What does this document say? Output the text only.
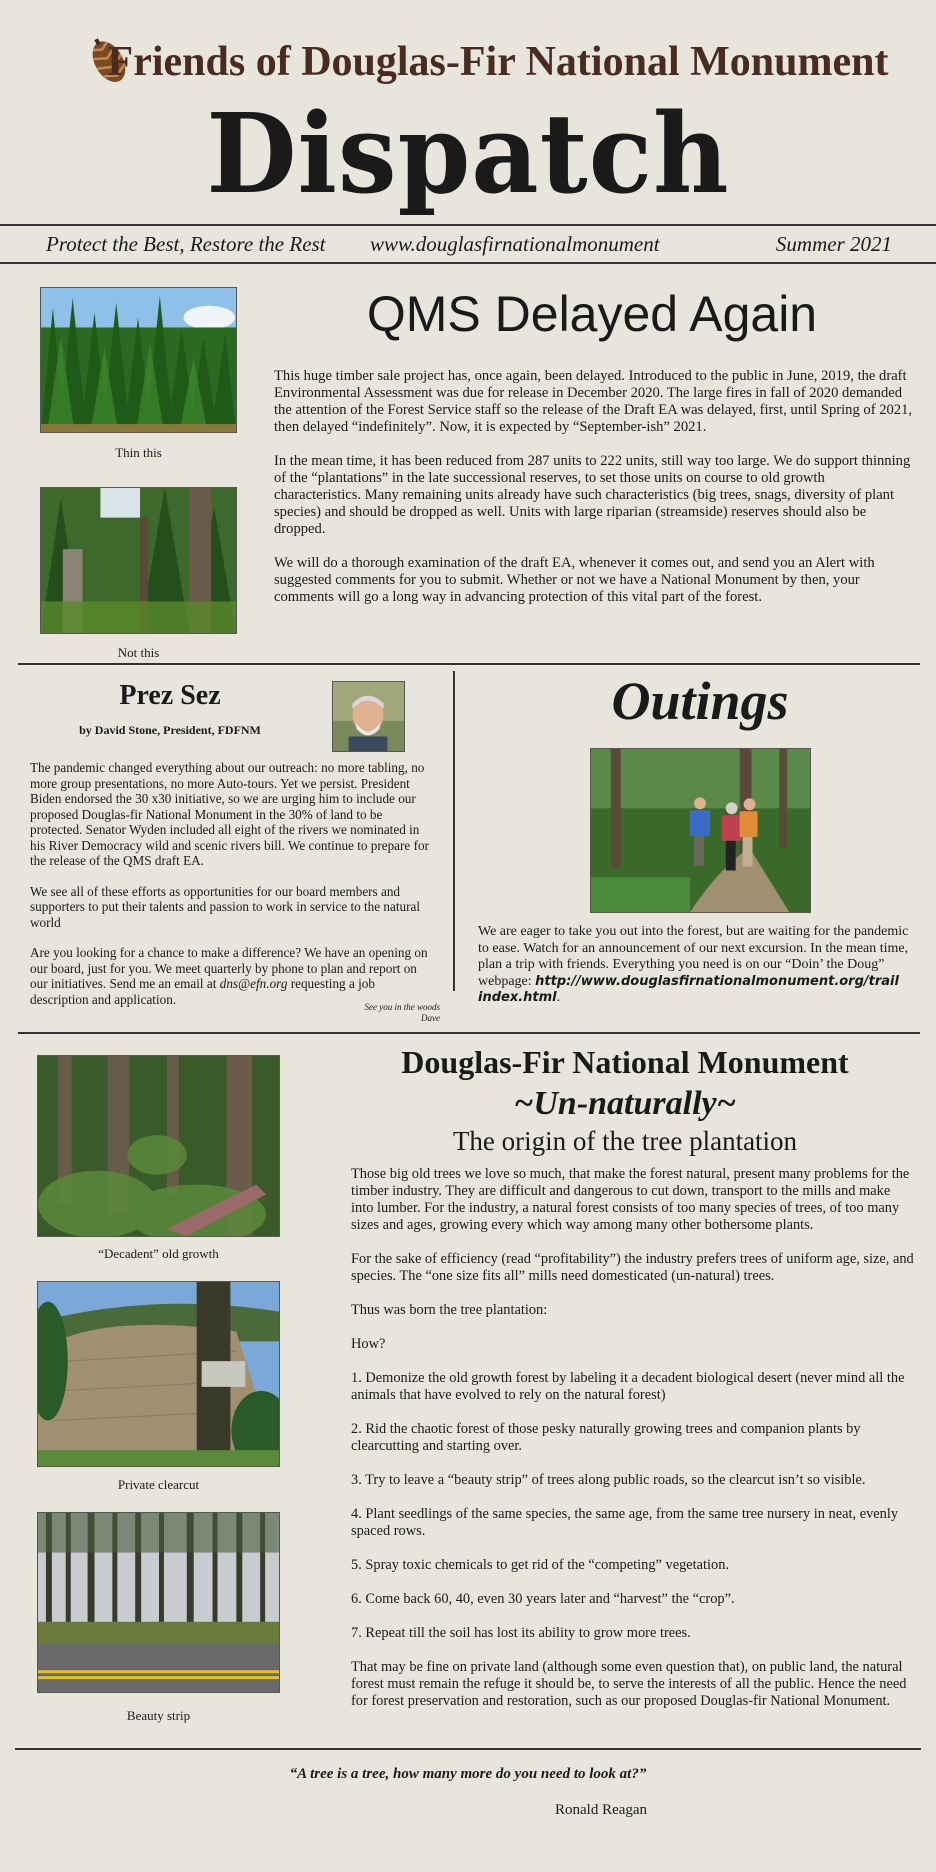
Friends of Douglas-Fir National Monument
Dispatch
Protect the Best, Restore the Rest www.douglasfirnationalmonument	Summer 2021
Thin this
Not this
QMS Delayed Again

This huge timber sale project has, once again, been delayed. Introduced to the public in June, 2019, the draft Environmental Assessment was due for release in December 2020. The large fires in fall of 2020 demanded the attention of the Forest Service staff so the release of the Draft EA was delayed, first, until Spring of 2021, then delayed “indefinitely”. Now, it is expected by “September-ish” 2021.

In the mean time, it has been reduced from 287 units to 222 units, still way too large. We do support thinning of the “plantations” in the late successional reserves, to set those units on course to old growth characteristics. Many remaining units already have such characteristics (big trees, snags, diversity of plant species) and should be dropped as well. Units with large riparian (streamside) reserves should also be dropped.

We will do a thorough examination of the draft EA, whenever it comes out, and send you an Alert with suggested comments for you to submit. Whether or not we have a National Monument by then, your comments will go a long way in advancing protection of this vital part of the forest.

Prez Sez
by David Stone, President, FDFNM

The pandemic changed everything about our outreach: no more tabling, no more group presentations, no more Auto-tours. Yet we persist. President Biden endorsed the 30 x30 initiative, so we are urging him to include our proposed Douglas-fir National Monument in the 30% of land to be protected. Senator Wyden included all eight of the rivers we nominated in his River Democracy wild and scenic rivers bill. We continue to prepare for the release of the QMS draft EA.

We see all of these efforts as opportunities for our board members and supporters to put their talents and passion to work in service to the natural world

Are you looking for a chance to make a difference? We have an opening on our board, just for you. We meet quarterly by phone to plan and report on our initiatives. Send me an email at dns@efn.org requesting a job description and application.

See you in the woods
Dave
Outings
We are eager to take you out into the forest, but are waiting for the pandemic to ease. Watch for an announcement of our next excursion. In the mean time, plan a trip with friends. Everything you need is on our “Doin’ the Doug” webpage: http://www.douglasfirnationalmonument.org/trail index.html.
“Decadent” old growth
Private clearcut
Beauty strip
Douglas-Fir National Monument
~Un-naturally~
The origin of the tree plantation

Those big old trees we love so much, that make the forest natural, present many problems for the timber industry. They are difficult and dangerous to cut down, transport to the mills and make into lumber. For the industry, a natural forest consists of too many species of trees, of too many sizes and ages, growing every which way among many other bothersome plants.

For the sake of efficiency (read “profitability”) the industry prefers trees of uniform age, size, and species. The “one size fits all” mills need domesticated (un-natural) trees.

Thus was born the tree plantation:

How?

1. Demonize the old growth forest by labeling it a decadent biological desert (never mind all the animals that have evolved to rely on the natural forest)

2. Rid the chaotic forest of those pesky naturally growing trees and companion plants by clearcutting and starting over.

3. Try to leave a “beauty strip” of trees along public roads, so the clearcut isn’t so visible.

4. Plant seedlings of the same species, the same age, from the same tree nursery in neat, evenly spaced rows.

5. Spray toxic chemicals to get rid of the “competing” vegetation.

6. Come back 60, 40, even 30 years later and “harvest” the “crop”.

7. Repeat till the soil has lost its ability to grow more trees.

That may be fine on private land (although some even question that), on public land, the natural forest must remain the refuge it should be, to serve the interests of all the public. Hence the need for forest preservation and restoration, such as our proposed Douglas-fir National Monument.

“A tree is a tree, how many more do you need to look at?”
Ronald Reagan
